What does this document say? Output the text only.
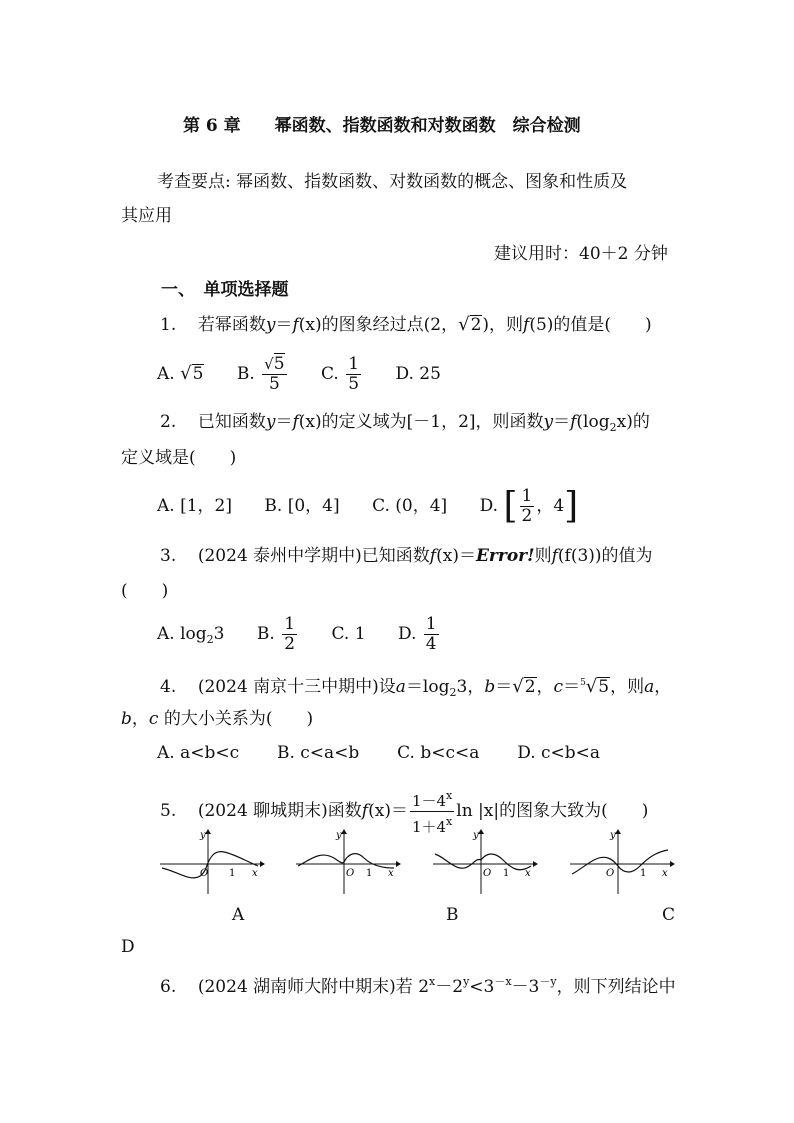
第 6 章　　幂函数、指数函数和对数函数　综合检测
考查要点: 幂函数、指数函数、对数函数的概念、图象和性质及
其应用
建议用时：40＋2 分钟
一、　单项选择题
1. 若幂函数y＝f(x)的图象经过点(2，√2)，则f(5)的值是(　　)
A. √5 B. $\frac{√5}{5} C$. $\frac{1}{5} D$. 25
2. 已知函数y＝f(x)的定义域为[－1，2]，则函数$y=f(\log_2x)$的
定义域是(　　)
A. [1，2] B. [0，4] C. (0，4] D. [ $\frac{1}{2}$ ，4]
3. (2024 泰州中学期中)已知函数f(x)＝Error!则f(f(3))的值为
(　　)
A. $\log_23$ B. $\frac{1}{2} C$. 1 D. $\frac{1}{4}$
4. (2024 南京十三中期中)设$a=\log_23$，b＝√2，c＝$^5$√5，则a，
b，c 的大小关系为(　　)
A. a<b<c B. c<a<b C. b<c<a D. c<b<a
5. (2024 聊城期末)函数$f(x)= \frac{1-4^x}{1+4^x}$ ln |x|的图象大致为(　　)
y
O 1 x
y
O 1 x
y
O 1 x
y
O	1 x
A	B	C
D
6. (2024 湖南师大附中期末)若 $2^x-2^y<3^{-x}-3^{-y}$，则下列结论中
